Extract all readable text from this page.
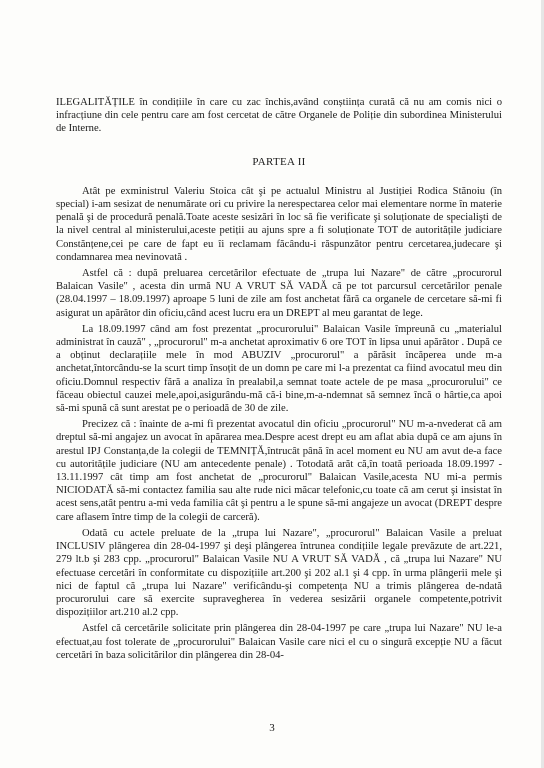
ILEGALITĂȚILE în condițiile în care cu zac închis,având conștiința curată că nu am comis nici o infracțiune din cele pentru care am fost cercetat de către Organele de Poliție din subordinea Ministerului de Interne.

PARTEA II

Atât pe exministrul Valeriu Stoica cât şi pe actualul Ministru al Justiției Rodica Stănoiu (în special) i-am sesizat de nenumărate ori cu privire la nerespectarea celor mai elementare norme în materie penală şi de procedură penală.Toate aceste sesizări în loc să fie verificate şi soluționate de specialişti de la nivel central al ministerului,aceste petiții au ajuns spre a fi soluționate TOT de autoritățile judiciare Constănțene,cei pe care de fapt eu îi reclamam făcându-i răspunzător pentru cercetarea,judecare şi condamnarea mea nevinovată .

Astfel că : după preluarea cercetărilor efectuate de „trupa lui Nazare" de către „procurorul Balaican Vasile" , acesta din urmă NU A VRUT SĂ VADĂ că pe tot parcursul cercetărilor penale (28.04.1997 – 18.09.1997) aproape 5 luni de zile am fost anchetat fără ca organele de cercetare să-mi fi asigurat un apărător din oficiu,când acest lucru era un DREPT al meu garantat de lege.

La 18.09.1997 când am fost prezentat „procurorului" Balaican Vasile împreună cu „materialul administrat în cauză" , „procurorul" m-a anchetat aproximativ 6 ore TOT în lipsa unui apărător . După ce a obținut declarațiile mele în mod ABUZIV „procurorul" a părăsit încăperea unde m-a anchetat,întorcându-se la scurt timp însoțit de un domn pe care mi l-a prezentat ca fiind avocatul meu din oficiu.Domnul respectiv fără a analiza în prealabil,a semnat toate actele de pe masa „procurorului" ce făceau obiectul cauzei mele,apoi,asigurându-mă că-i bine,m-a-ndemnat să semnez încă o hârtie,ca apoi să-mi spună că sunt arestat pe o perioadă de 30 de zile.

Precizez că : înainte de a-mi fi prezentat avocatul din oficiu „procurorul" NU m-a-nvederat că am dreptul să-mi angajez un avocat în apărarea mea.Despre acest drept eu am aflat abia după ce am ajuns în arestul IPJ Constanța,de la colegii de TEMNIȚĂ,întrucât până în acel moment eu NU am avut de-a face cu autoritățile judiciare (NU am antecedente penale) . Totodată arăt că,în toată perioada 18.09.1997 - 13.11.1997 cât timp am fost anchetat de „procurorul" Balaican Vasile,acesta NU mi-a permis NICIODATĂ să-mi contactez familia sau alte rude nici măcar telefonic,cu toate că am cerut şi insistat în acest sens,atât pentru a-mi veda familia cât şi pentru a le spune să-mi angajeze un avocat (DREPT despre care aflasem între timp de la colegii de carceră).

Odată cu actele preluate de la „trupa lui Nazare", „procurorul" Balaican Vasile a preluat INCLUSIV plângerea din 28-04-1997 şi deşi plângerea întrunea condițiile legale prevăzute de art.221, 279 lt.b şi 283 cpp. „procurorul" Balaican Vasile NU A VRUT SĂ VADĂ , că „trupa lui Nazare" NU efectuase cercetări în conformitate cu dispozițiile art.200 şi 202 al.1 şi 4 cpp. în urma plângerii mele şi nici de faptul că „trupa lui Nazare" verificându-şi competența NU a trimis plângerea de-ndată procurorului care să exercite supravegherea în vederea sesizării organele competente,potrivit dispozițiilor art.210 al.2 cpp.

Astfel că cercetările solicitate prin plângerea din 28-04-1997 pe care „trupa lui Nazare" NU le-a efectuat,au fost tolerate de „procurorului" Balaican Vasile care nici el cu o singură excepție NU a făcut cercetări în baza solicitărilor din plângerea din 28-04-

3
